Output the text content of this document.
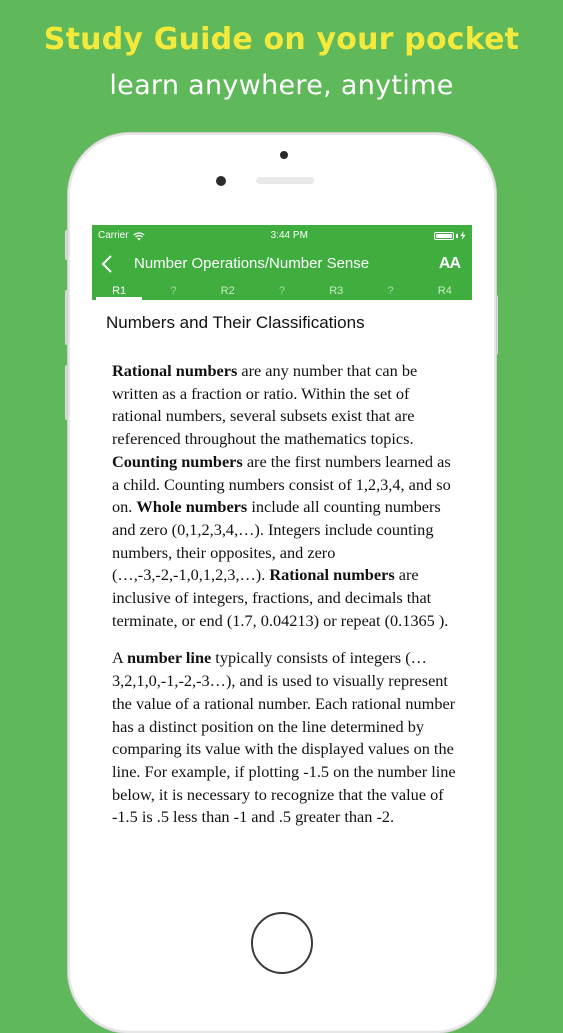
Study Guide on your pocket
learn anywhere, anytime
Carrier	3:44 PM
Number Operations/Number Sense	AA
R1	?	R2	?	R3	?	R4
Numbers and Their Classifications

Rational numbers are any number that can be written as a fraction or ratio. Within the set of rational numbers, several subsets exist that are referenced throughout the mathematics topics. Counting numbers are the first numbers learned as a child. Counting numbers consist of 1,2,3,4, and so on. Whole numbers include all counting numbers and zero (0,1,2,3,4,…). Integers include counting numbers, their opposites, and zero (…,-3,-2,-1,0,1,2,3,…). Rational numbers are inclusive of integers, fractions, and decimals that terminate, or end (1.7, 0.04213) or repeat (0.1365 ).

A number line typically consists of integers (…3,2,1,0,-1,-2,-3…), and is used to visually represent the value of a rational number. Each rational number has a distinct position on the line determined by comparing its value with the displayed values on the line. For example, if plotting -1.5 on the number line below, it is necessary to recognize that the value of -1.5 is .5 less than -1 and .5 greater than -2.
